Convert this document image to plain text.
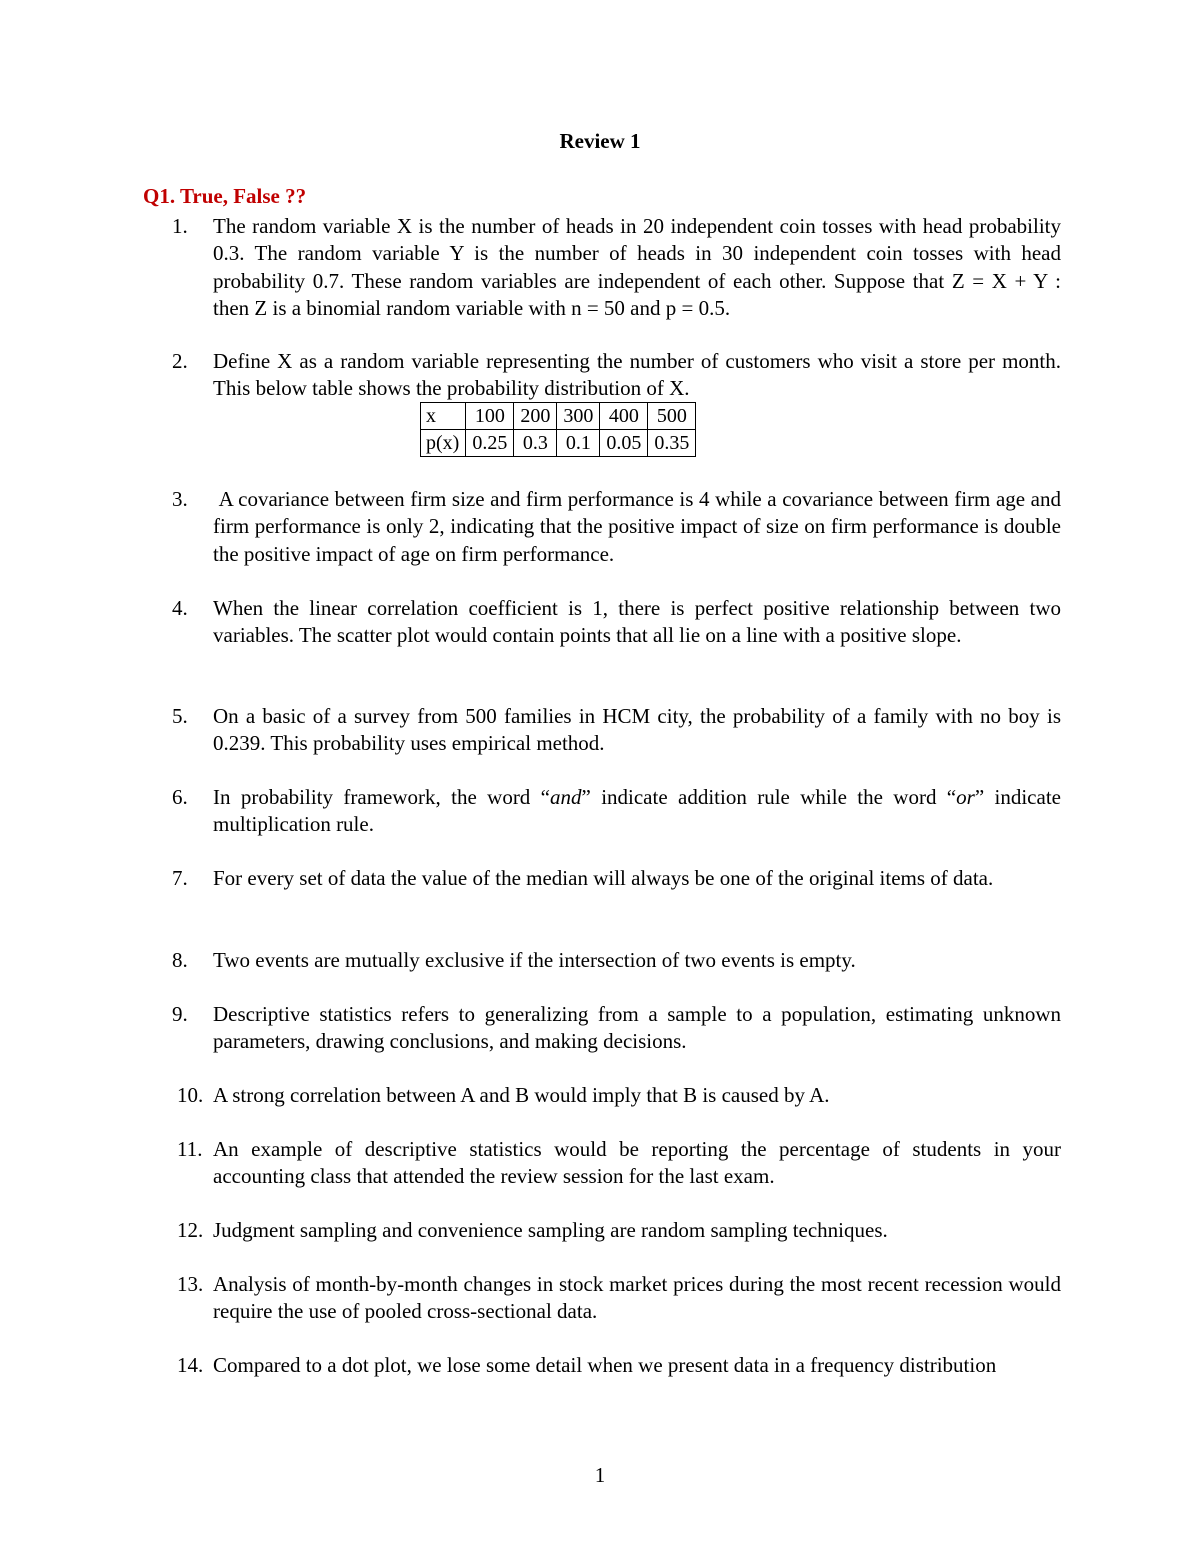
Review 1
Q1. True, False ??
1. The random variable X is the number of heads in 20 independent coin tosses with head probability 0.3. The random variable Y is the number of heads in 30 independent coin tosses with head probability 0.7. These random variables are independent of each other. Suppose that Z = X + Y : then Z is a binomial random variable with n = 50 and p = 0.5.
2. Define X as a random variable representing the number of customers who visit a store per month. This below table shows the probability distribution of X.
x	100	200	300	400	500
p(x)	0.25	0.3	0.1	0.05	0.35
3. A covariance between firm size and firm performance is 4 while a covariance between firm age and firm performance is only 2, indicating that the positive impact of size on firm performance is double the positive impact of age on firm performance.
4. When the linear correlation coefficient is 1, there is perfect positive relationship between two variables. The scatter plot would contain points that all lie on a line with a positive slope.
5. On a basic of a survey from 500 families in HCM city, the probability of a family with no boy is 0.239. This probability uses empirical method.
6. In probability framework, the word “and” indicate addition rule while the word “or” indicate multiplication rule.
7. For every set of data the value of the median will always be one of the original items of data.
8. Two events are mutually exclusive if the intersection of two events is empty.
9. Descriptive statistics refers to generalizing from a sample to a population, estimating unknown parameters, drawing conclusions, and making decisions.
10. A strong correlation between A and B would imply that B is caused by A.
11. An example of descriptive statistics would be reporting the percentage of students in your accounting class that attended the review session for the last exam.
12. Judgment sampling and convenience sampling are random sampling techniques.
13. Analysis of month-by-month changes in stock market prices during the most recent recession would require the use of pooled cross-sectional data.
14. Compared to a dot plot, we lose some detail when we present data in a frequency distribution
1
